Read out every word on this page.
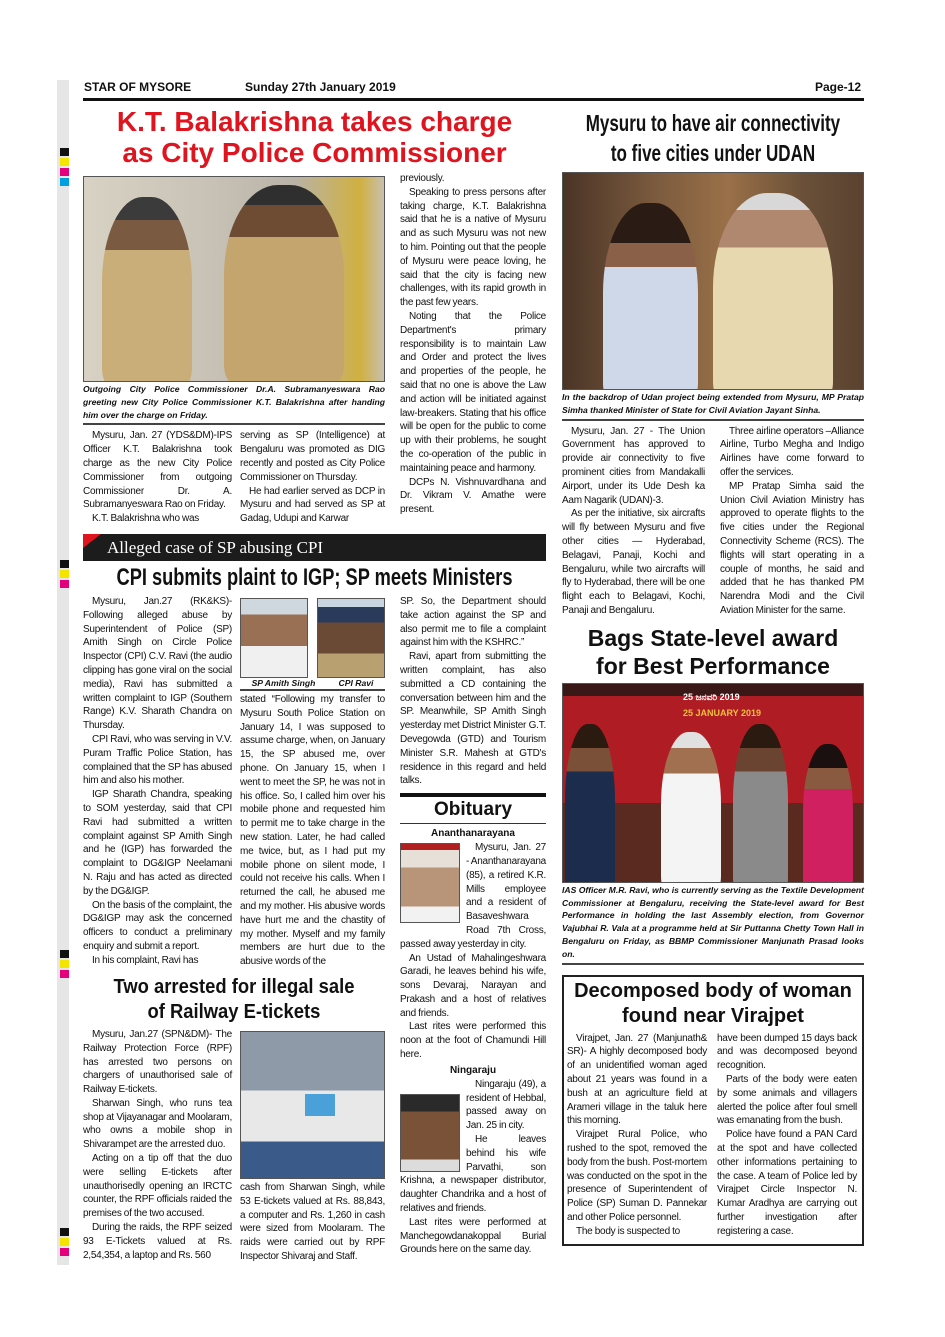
STAR OF MYSORE	Sunday 27th January 2019	Page-12
K.T. Balakrishna takes charge
as City Police Commissioner
Outgoing City Police Commissioner Dr.A. Subramanyeswara Rao greeting new City Police Commissioner K.T. Balakrishna after handing him over the charge on Friday.

Mysuru, Jan. 27 (YDS&DM)-IPS Officer K.T. Balakrishna took charge as the new City Police Commissioner from outgoing Commissioner Dr. A. Subramanyeswara Rao on Friday.

K.T. Balakrishna who was

serving as SP (Intelligence) at Bengaluru was promoted as DIG recently and posted as City Police Commissioner on Thursday.

He had earlier served as DCP in Mysuru and had served as SP at Gadag, Udupi and Karwar

previously.

Speaking to press persons after taking charge, K.T. Balakrishna said that he is a native of Mysuru and as such Mysuru was not new to him. Pointing out that the people of Mysuru were peace loving, he said that the city is facing new challenges, with its rapid growth in the past few years.

Noting that the Police Department's primary responsibility is to maintain Law and Order and protect the lives and properties of the people, he said that no one is above the Law and action will be initiated against law-breakers. Stating that his office will be open for the public to come up with their problems, he sought the co-operation of the public in maintaining peace and harmony.

DCPs N. Vishnuvardhana and Dr. Vikram V. Amathe were present.

Alleged case of SP abusing CPI
CPI submits plaint to IGP; SP meets Ministers

Mysuru, Jan.27 (RK&KS)- Following alleged abuse by Superintendent of Police (SP) Amith Singh on Circle Police Inspector (CPI) C.V. Ravi (the audio clipping has gone viral on the social media), Ravi has submitted a written complaint to IGP (Southern Range) K.V. Sharath Chandra on Thursday.

CPI Ravi, who was serving in V.V. Puram Traffic Police Station, has complained that the SP has abused him and also his mother.

IGP Sharath Chandra, speaking to SOM yesterday, said that CPI Ravi had submitted a written complaint against SP Amith Singh and he (IGP) has forwarded the complaint to DG&IGP Neelamani N. Raju and has acted as directed by the DG&IGP.

On the basis of the complaint, the DG&IGP may ask the concerned officers to conduct a preliminary enquiry and submit a report.

In his complaint, Ravi has

SP Amith Singh	CPI Ravi

stated “Following my transfer to Mysuru South Police Station on January 14, I was supposed to assume charge, when, on January 15, the SP abused me, over phone. On January 15, when I went to meet the SP, he was not in his office. So, I called him over his mobile phone and requested him to permit me to take charge in the new station. Later, he had called me twice, but, as I had put my mobile phone on silent mode, I could not receive his calls. When I returned the call, he abused me and my mother. His abusive words have hurt me and the chastity of my mother. Myself and my family members are hurt due to the abusive words of the

Two arrested for illegal sale
of Railway E-tickets

Mysuru, Jan.27 (SPN&DM)- The Railway Protection Force (RPF) has arrested two persons on chargers of unauthorised sale of Railway E-tickets.

Sharwan Singh, who runs tea shop at Vijayanagar and Moolaram, who owns a mobile shop in Shivarampet are the arrested duo.

Acting on a tip off that the duo were selling E-tickets after unauthorisedly opening an IRCTC counter, the RPF officials raided the premises of the two accused.

During the raids, the RPF seized 93 E-Tickets valued at Rs. 2,54,354, a laptop and Rs. 560

cash from Sharwan Singh, while 53 E-tickets valued at Rs. 88,843, a computer and Rs. 1,260 in cash were sized from Moolaram. The raids were carried out by RPF Inspector Shivaraj and Staff.

SP. So, the Department should take action against the SP and also permit me to file a complaint against him with the KSHRC.”

Ravi, apart from submitting the written complaint, has also submitted a CD containing the conversation between him and the SP. Meanwhile, SP Amith Singh yesterday met District Minister G.T. Devegowda (GTD) and Tourism Minister S.R. Mahesh at GTD's residence in this regard and held talks.

Obituary
Ananthanarayana

Mysuru, Jan. 27 - Ananthanarayana (85), a retired K.R. Mills employee and a resident of Basaveshwara Road 7th Cross, passed away yesterday in city.

An Ustad of Mahalingeshwara Garadi, he leaves behind his wife, sons Devaraj, Narayan and Prakash and a host of relatives and friends.

Last rites were performed this noon at the foot of Chamundi Hill here.

Ningaraju

Ningaraju (49), a resident of Hebbal, passed away on Jan. 25 in city.

He leaves behind his wife Parvathi, son Krishna, a newspaper distributor, daughter Chandrika and a host of relatives and friends.

Last rites were performed at Manchegowdanakoppal Burial Grounds here on the same day.

Mysuru to have air connectivity
to five cities under UDAN
In the backdrop of Udan project being extended from Mysuru, MP Pratap Simha thanked Minister of State for Civil Aviation Jayant Sinha.

Mysuru, Jan. 27 - The Union Government has approved to provide air connectivity to five prominent cities from Mandakalli Airport, under its Ude Desh ka Aam Nagarik (UDAN)-3.

As per the initiative, six aircrafts will fly between Mysuru and five other cities — Hyderabad, Belagavi, Panaji, Kochi and Bengaluru, while two aircrafts will fly to Hyderabad, there will be one flight each to Belagavi, Kochi, Panaji and Bengaluru.

Three airline operators –Alliance Airline, Turbo Megha and Indigo Airlines have come forward to offer the services.

MP Pratap Simha said the Union Civil Aviation Ministry has approved to operate flights to the five cities under the Regional Connectivity Scheme (RCS). The flights will start operating in a couple of months, he said and added that he has thanked PM Narendra Modi and the Civil Aviation Minister for the same.

Bags State-level award
for Best Performance
25 ಜನವರಿ 2019
25 JANUARY 2019
IAS Officer M.R. Ravi, who is currently serving as the Textile Development Commissioner at Bengaluru, receiving the State-level award for Best Performance in holding the last Assembly election, from Governor Vajubhai R. Vala at a programme held at Sir Puttanna Chetty Town Hall in Bengaluru on Friday, as BBMP Commissioner Manjunath Prasad looks on.
Decomposed body of woman
found near Virajpet

Virajpet, Jan. 27 (Manjunath& SR)- A highly decomposed body of an unidentified woman aged about 21 years was found in a bush at an agriculture field at Arameri village in the taluk here this morning.

Virajpet Rural Police, who rushed to the spot, removed the body from the bush. Post-mortem was conducted on the spot in the presence of Superintendent of Police (SP) Suman D. Pannekar and other Police personnel.

The body is suspected to

have been dumped 15 days back and was decomposed beyond recognition.

Parts of the body were eaten by some animals and villagers alerted the police after foul smell was emanating from the bush.

Police have found a PAN Card at the spot and have collected other informations pertaining to the case. A team of Police led by Virajpet Circle Inspector N. Kumar Aradhya are carrying out further investigation after registering a case.
